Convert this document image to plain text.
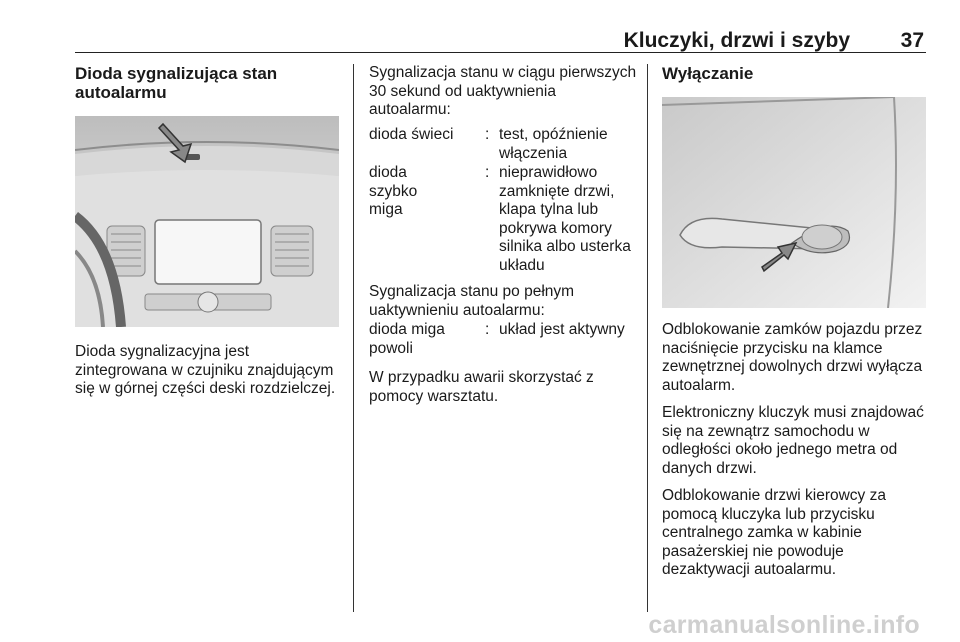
Kluczyki, drzwi i szyby 37
Dioda sygnalizująca stan autoalarmu

Dioda sygnalizacyjna jest zintegrowana w czujniku znajdującym się w górnej części deski rozdzielczej.

Sygnalizacja stanu w ciągu pierwszych 30 sekund od uaktywnienia autoalarmu:

dioda świeci	: test, opóźnienie włączenia
dioda szybko miga
: nieprawidłowo zamknięte drzwi, klapa tylna lub pokrywa komory silnika albo usterka układu

Sygnalizacja stanu po pełnym uaktywnieniu autoalarmu:

dioda miga powoli
: układ jest aktywny

W przypadku awarii skorzystać z pomocy warsztatu.

Wyłączanie

Odblokowanie zamków pojazdu przez naciśnięcie przycisku na klamce zewnętrznej dowolnych drzwi wyłącza autoalarm.

Elektroniczny kluczyk musi znajdować się na zewnątrz samochodu w odległości około jednego metra od danych drzwi.

Odblokowanie drzwi kierowcy za pomocą kluczyka lub przycisku centralnego zamka w kabinie pasażerskiej nie powoduje dezaktywacji autoalarmu.

carmanualsonline.info
